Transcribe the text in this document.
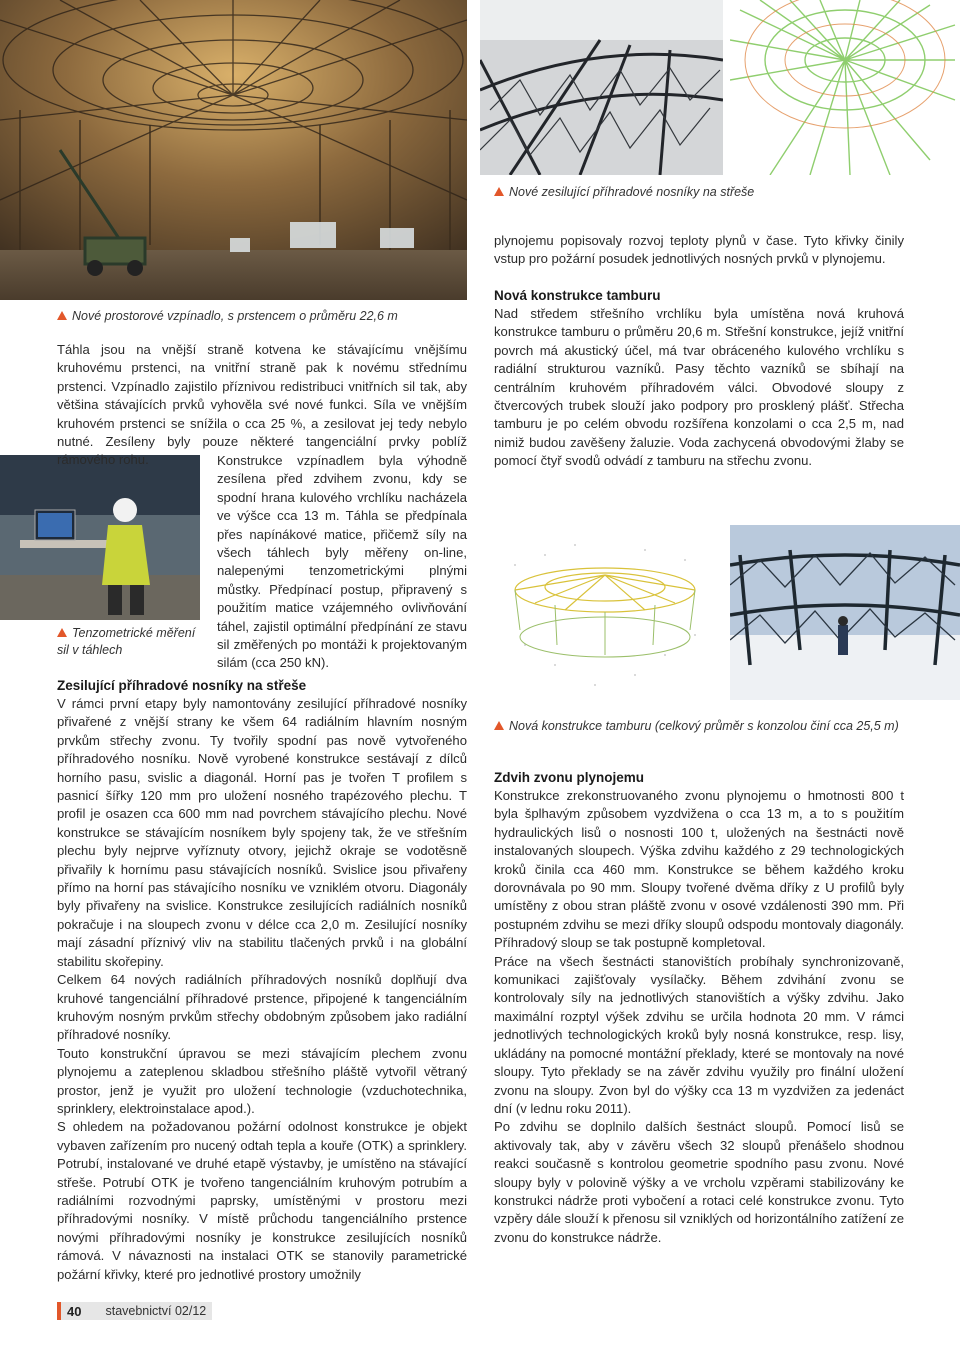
Nové zesilující příhradové nosníky na střeše
Nové prostorové vzpínadlo, s prstencem o průměru 22,6 m
Tenzometrické měření sil v táhlech
Nová konstrukce tamburu (celkový průměr s konzolou činí cca 25,5 m)

Táhla jsou na vnější straně kotvena ke stávajícímu vnějšímu kruhovému prstenci, na vnitřní straně pak k novému střednímu prstenci. Vzpínadlo zajistilo příznivou redistribuci vnitřních sil tak, aby většina stávajících prvků vyhověla své nové funkci. Síla ve vnějším kruhovém prstenci se snížila o cca 25 %, a zesilovat jej tedy nebylo nutné. Zesíleny byly pouze některé tangenciální prvky poblíž rámového rohu.	Konstrukce vzpínadlem byla výhodně zesílena před zdvihem zvonu, kdy se spodní hrana kulového vrchlíku nacházela ve výšce cca 13 m. Táhla se předpínala přes napínákové matice, přičemž síly na všech táhlech byly měřeny on-line, nalepenými tenzometrickými plnými můstky. Předpínací postup, připravený s použitím matice vzájemného ovlivňování táhel, zajistil optimální předpínání ze stavu sil změřených po montáži k projektovaným silám (cca 250 kN).

Zesilující příhradové nosníky na střeše

V rámci první etapy byly namontovány zesilující příhradové nosníky přivařené z vnější strany ke všem 64 radiálním hlavním nosným prvkům střechy zvonu. Ty tvořily spodní pas nově vytvořeného příhradového nosníku. Nově vyrobené konstrukce sestávají z dílců horního pasu, svislic a diagonál. Horní pas je tvořen T profilem s pasnicí šířky 120 mm pro uložení nosného trapézového plechu. T profil je osazen cca 600 mm nad povrchem stávajícího plechu. Nové konstrukce se stávajícím nosníkem byly spojeny tak, že ve střešním plechu byly nejprve vyříznuty otvory, jejichž okraje se vodotěsně přivařily k hornímu pasu stávajících nosníků. Svislice jsou přivařeny přímo na horní pas stávajícího nosníku ve vzniklém otvoru. Diagonály byly přivařeny na svislice. Konstrukce zesilujících radiálních nosníků pokračuje i na sloupech zvonu v délce cca 2,0 m. Zesilující nosníky mají zásadní příznivý vliv na stabilitu tlačených prvků i na globální stabilitu skořepiny.

Celkem 64 nových radiálních příhradových nosníků doplňují dva kruhové tangenciální příhradové prstence, připojené k tangenciálním kruhovým nosným prvkům střechy obdobným způsobem jako radiální příhradové nosníky.

Touto konstrukční úpravou se mezi stávajícím plechem zvonu plynojemu a zateplenou skladbou střešního pláště vytvořil větraný prostor, jenž je využit pro uložení technologie (vzduchotechnika, sprinklery, elektroinstalace apod.).

S ohledem na požadovanou požární odolnost konstrukce je objekt vybaven zařízením pro nucený odtah tepla a kouře (OTK) a sprinklery. Potrubí, instalované ve druhé etapě výstavby, je umístěno na stávající střeše. Potrubí OTK je tvořeno tangenciálním kruhovým potrubím a radiálními rozvodnými paprsky, umístěnými v prostoru mezi příhradovými nosníky. V místě průchodu tangenciálního prstence novými příhradovými nosníky je konstrukce zesilujících nosníků rámová. V návaznosti na instalaci OTK se stanovily parametrické požární křivky, které pro jednotlivé prostory umožnily

plynojemu popisovaly rozvoj teploty plynů v čase. Tyto křivky činily vstup pro požární posudek jednotlivých nosných prvků v plynojemu.

Nová konstrukce tamburu

Nad středem střešního vrchlíku byla umístěna nová kruhová konstrukce tamburu o průměru 20,6 m. Střešní konstrukce, jejíž vnitřní povrch má akustický účel, má tvar obráceného kulového vrchlíku s radiální strukturou vazníků. Pasy těchto vazníků se sbíhají na centrálním kruhovém příhradovém válci. Obvodové sloupy z čtvercových trubek slouží jako podpory pro prosklený plášť. Střecha tamburu je po celém obvodu rozšířena konzolami o cca 2,5 m, nad nimiž budou zavěšeny žaluzie. Voda zachycená obvodovými žlaby se pomocí čtyř svodů odvádí z tamburu na střechu zvonu.

Zdvih zvonu plynojemu

Konstrukce zrekonstruovaného zvonu plynojemu o hmotnosti 800 t byla šplhavým způsobem vyzdvižena o cca 13 m, a to s použitím hydraulických lisů o nosnosti 100 t, uložených na šestnácti nově instalovaných sloupech. Výška zdvihu každého z 29 technologických kroků činila cca 460 mm. Konstrukce se během každého kroku dorovnávala po 90 mm. Sloupy tvořené dvěma dříky z U profilů byly umístěny z obou stran pláště zvonu v osové vzdálenosti 390 mm. Při postupném zdvihu se mezi dříky sloupů odspodu montovaly diagonály. Příhradový sloup se tak postupně kompletoval.

Práce na všech šestnácti stanovištích probíhaly synchronizovaně, komunikaci zajišťovaly vysílačky. Během zdvihání zvonu se kontrolovaly síly na jednotlivých stanovištích a výšky zdvihu. Jako maximální rozptyl výšek zdvihu se určila hodnota 20 mm. V rámci jednotlivých technologických kroků byly nosná konstrukce, resp. lisy, ukládány na pomocné montážní překlady, které se montovaly na nové sloupy. Tyto překlady se na závěr zdvihu využily pro finální uložení zvonu na sloupy. Zvon byl do výšky cca 13 m vyzdvižen za jedenáct dní (v lednu roku 2011).

Po zdvihu se doplnilo dalších šestnáct sloupů. Pomocí lisů se aktivovaly tak, aby v závěru všech 32 sloupů přenášelo shodnou reakci současně s kontrolou geometrie spodního pasu zvonu. Nové sloupy byly v polovině výšky a ve vrcholu vzpěrami stabilizovány ke konstrukci nádrže proti vybočení a rotaci celé konstrukce zvonu. Tyto vzpěry dále slouží k přenosu sil vzniklých od horizontálního zatížení ze zvonu do konstrukce nádrže.

40	stavebnictví 02/12
